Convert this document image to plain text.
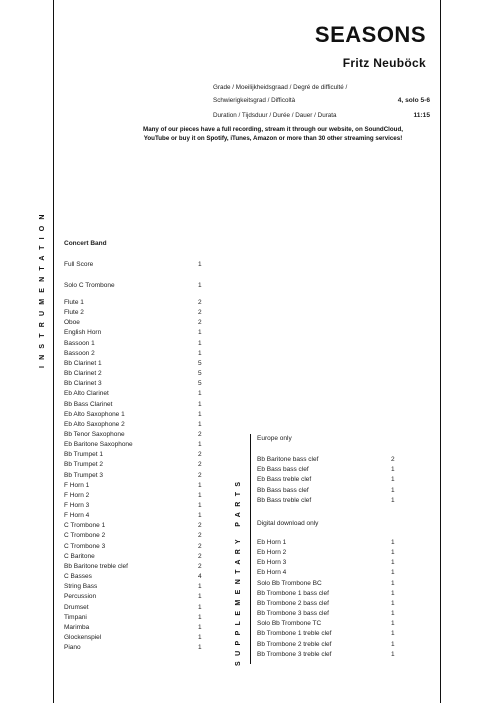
SEASONS
Fritz Neuböck
Grade / Moeilijkheidsgraad / Degré de difficulté /
Schwierigkeitsgrad / Difficoltà	4, solo 5-6
Duration / Tijdsduur / Durée / Dauer / Durata	11:15
Many of our pieces have a full recording, stream it through our website, on SoundCloud,
YouTube or buy it on Spotify, iTunes, Amazon or more than 30 other streaming services!
INSTRUMENTATION
SUPPLEMENTARY PARTS
Concert Band
Full Score	1
Solo C Trombone	1
Flute 1	2
Flute 2	2
Oboe	2
English Horn	1
Bassoon 1	1
Bassoon 2	1
Bb Clarinet 1	5
Bb Clarinet 2	5
Bb Clarinet 3	5
Eb Alto Clarinet	1
Bb Bass Clarinet	1
Eb Alto Saxophone 1	1
Eb Alto Saxophone 2	1
Bb Tenor Saxophone	2
Eb Baritone Saxophone	1
Bb Trumpet 1	2
Bb Trumpet 2	2
Bb Trumpet 3	2
F Horn 1	1
F Horn 2	1
F Horn 3	1
F Horn 4	1
C Trombone 1	2
C Trombone 2	2
C Trombone 3	2
C Baritone	2
Bb Baritone treble clef	2
C Basses	4
String Bass	1
Percussion	1
Drumset	1
Timpani	1
Marimba	1
Glockenspiel	1
Piano	1
Europe only
Bb Baritone bass clef	2
Eb Bass bass clef	1
Eb Bass treble clef	1
Bb Bass bass clef	1
Bb Bass treble clef	1
Digital download only
Eb Horn 1	1
Eb Horn 2	1
Eb Horn 3	1
Eb Horn 4	1
Solo Bb Trombone BC	1
Bb Trombone 1 bass clef	1
Bb Trombone 2 bass clef	1
Bb Trombone 3 bass clef	1
Solo Bb Trombone TC	1
Bb Trombone 1 treble clef	1
Bb Trombone 2 treble clef	1
Bb Trombone 3 treble clef	1
